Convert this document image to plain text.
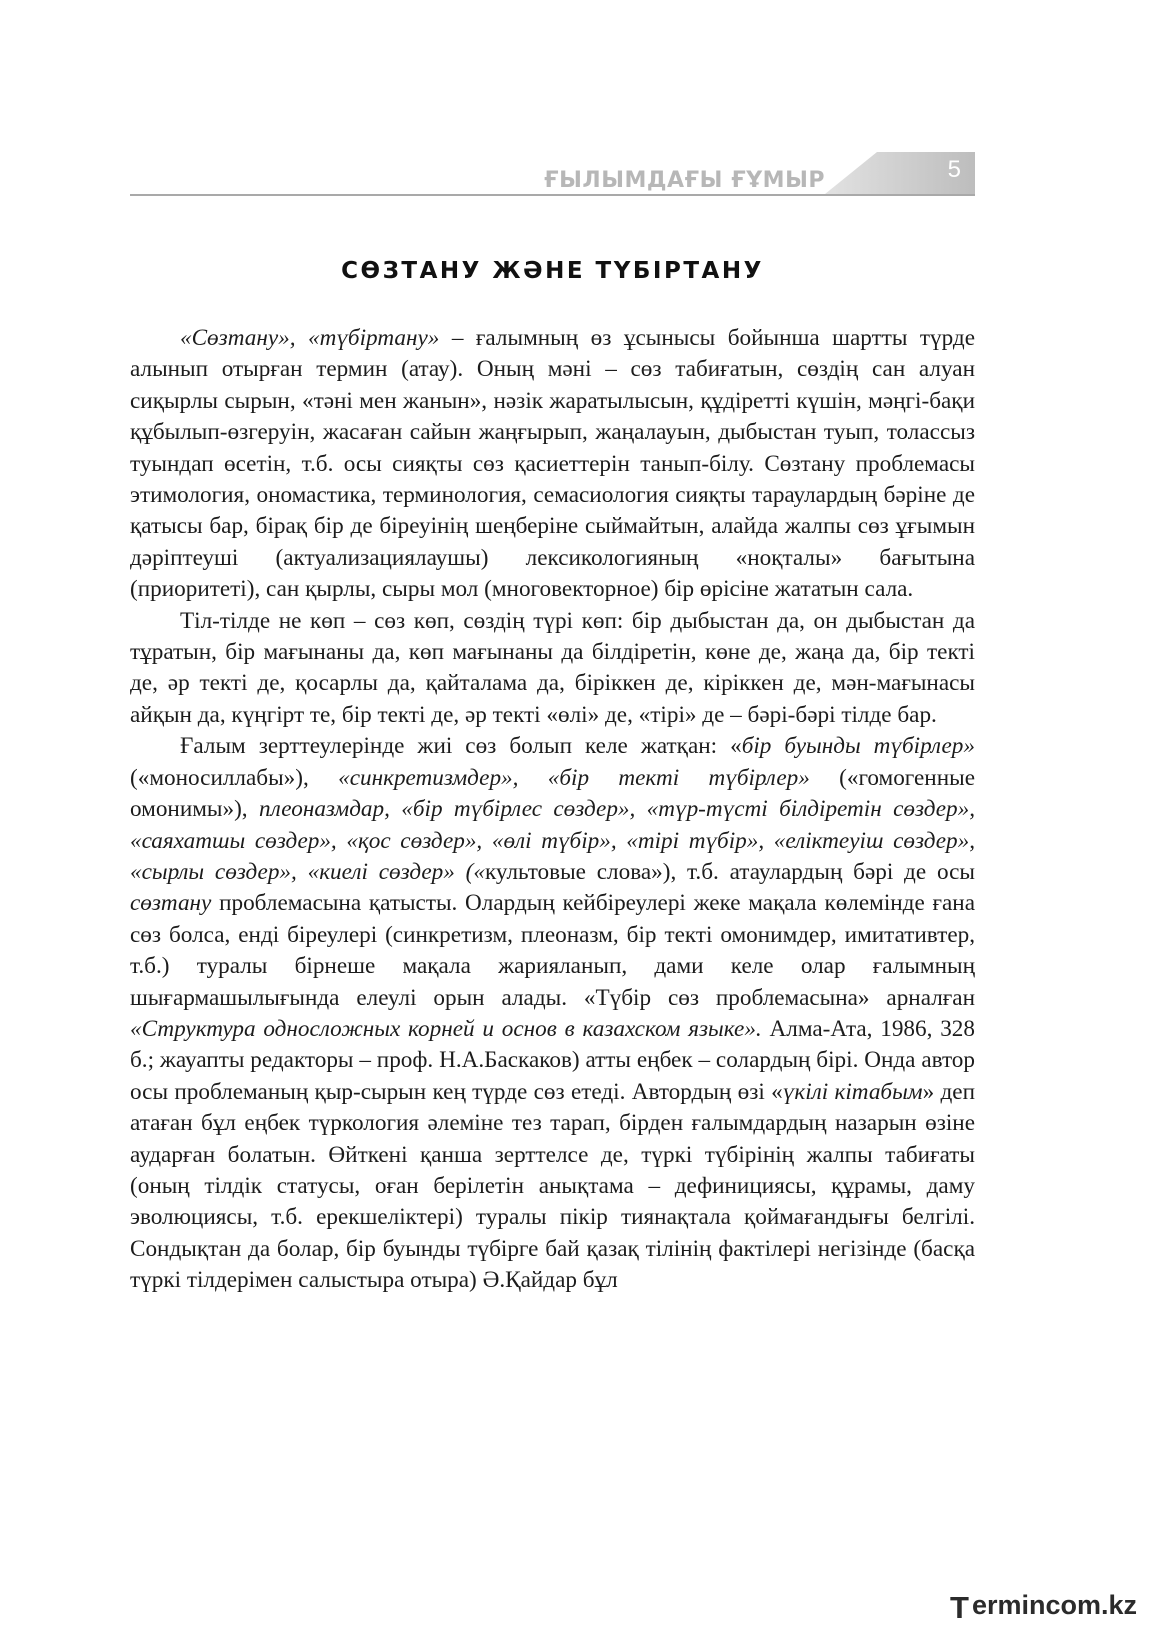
ҒЫЛЫМДАҒЫ ҒҰМЫР	5
СӨЗТАНУ ЖӘНЕ ТҮБІРТАНУ

«Сөзтану», «түбіртану» – ғалымның өз ұсынысы бойынша шартты түрде алынып отырған термин (атау). Оның мәні – сөз табиғатын, сөздің сан алуан сиқырлы сырын, «тәні мен жанын», нәзік жаратылысын, құдіретті күшін, мәңгі-бақи құбылып-өзгеруін, жасаған сайын жаңғырып, жаңалауын, дыбыстан туып, толассыз туындап өсетін, т.б. осы сияқты сөз қасиеттерін танып-білу. Сөзтану проблемасы этимология, ономастика, терминология, семасиология сияқты тараулардың бәріне де қатысы бар, бірақ бір де біреуінің шеңберіне сыймайтын, алайда жалпы сөз ұғымын дәріптеуші (актуализациялаушы) лексикологияның «ноқталы» бағытына (приоритеті), сан қырлы, сыры мол (многовекторное) бір өрісіне жататын сала.

Тіл-тілде не көп – сөз көп, сөздің түрі көп: бір дыбыстан да, он дыбыстан да тұратын, бір мағынаны да, көп мағынаны да білдіретін, көне де, жаңа да, бір текті де, әр текті де, қосарлы да, қайталама да, біріккен де, кіріккен де, мән-мағынасы айқын да, күңгірт те, бір текті де, әр текті «өлі» де, «тірі» де – бәрі-бәрі тілде бар.

Ғалым зерттеулерінде жиі сөз болып келе жатқан: «бір буынды түбірлер» («моносиллабы»), «синкретизмдер», «бір текті түбірлер» («гомогенные омонимы»), плеоназмдар, «бір түбірлес сөздер», «түр-түсті білдіретін сөздер», «саяхатшы сөздер», «қос сөздер», «өлі түбір», «тірі түбір», «еліктеуіш сөздер», «сырлы сөздер», «киелі сөздер» («культовые слова»), т.б. атаулардың бәрі де осы сөзтану проблемасына қатысты. Олардың кейбіреулері жеке мақала көлемінде ғана сөз болса, енді біреулері (синкретизм, плеоназм, бір текті омонимдер, имитативтер, т.б.) туралы бірнеше мақала жарияланып, дами келе олар ғалымның шығармашылығында елеулі орын алады. «Түбір сөз проблемасына» арналған «Структура односложных корней и основ в казахском языке». Алма-Ата, 1986, 328 б.; жауапты редакторы – проф. Н.А.Баскаков) атты еңбек – солардың бірі. Онда автор осы проблеманың қыр-сырын кең түрде сөз етеді. Автордың өзі «үкілі кітабым» деп атаған бұл еңбек түркология әлеміне тез тарап, бірден ғалымдардың назарын өзіне аударған болатын. Өйткені қанша зерттелсе де, түркі түбірінің жалпы табиғаты (оның тілдік статусы, оған берілетін анықтама – дефинициясы, құрамы, даму эволюциясы, т.б. ерекшеліктері) туралы пікір тиянақтала қоймағандығы белгілі. Сондықтан да болар, бір буынды түбірге бай қазақ тілінің фактілері негізінде (басқа түркі тілдерімен салыстыра отыра) Ә.Қайдар бұл

T ermincom.kz
